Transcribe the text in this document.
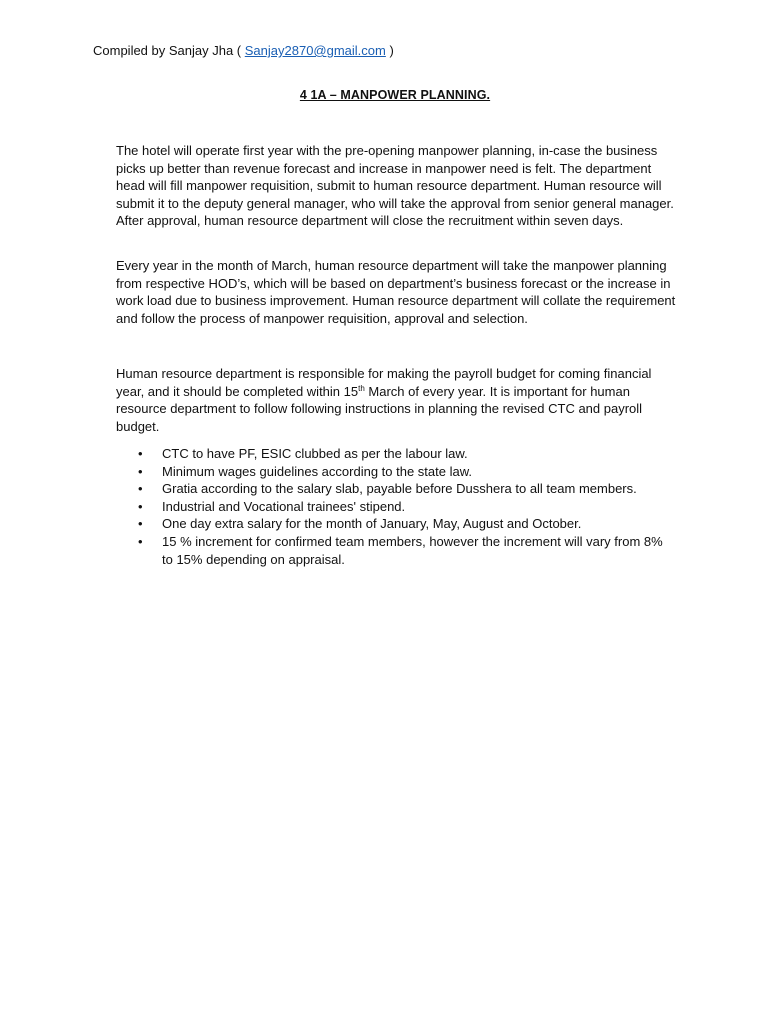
Compiled by Sanjay Jha ( Sanjay2870@gmail.com )
4 1A – MANPOWER PLANNING.

The hotel will operate first year with the pre-opening manpower planning, in-case the business picks up better than revenue forecast and increase in manpower need is felt. The department head will fill manpower requisition, submit to human resource department. Human resource will submit it to the deputy general manager, who will take the approval from senior general manager. After approval, human resource department will close the recruitment within seven days.

Every year in the month of March, human resource department will take the manpower planning from respective HOD’s, which will be based on department’s business forecast or the increase in work load due to business improvement. Human resource department will collate the requirement and follow the process of manpower requisition, approval and selection.

Human resource department is responsible for making the payroll budget for coming financial year, and it should be completed within 15th March of every year. It is important for human resource department to follow following instructions in planning the revised CTC and payroll budget.

• CTC to have PF, ESIC clubbed as per the labour law.
• Minimum wages guidelines according to the state law.
• Gratia according to the salary slab, payable before Dusshera to all team members.
• Industrial and Vocational trainees' stipend.
• One day extra salary for the month of January, May, August and October.
• 15 % increment for confirmed team members, however the increment will vary from 8% to 15% depending on appraisal.
